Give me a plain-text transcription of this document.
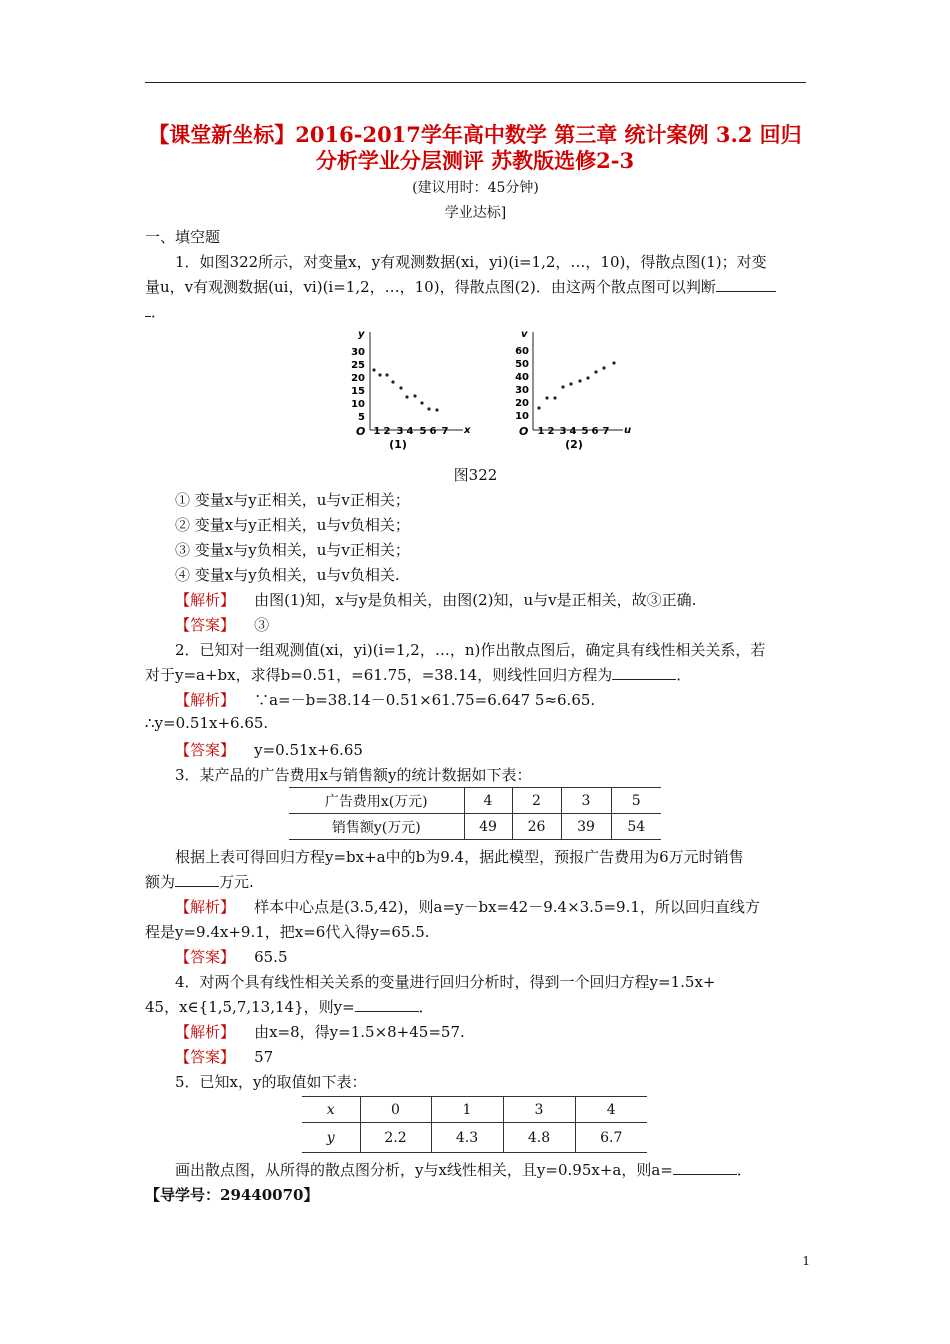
【课堂新坐标】2016-2017学年高中数学 第三章 统计案例 3.2 回归
分析学业分层测评 苏教版选修2-3
(建议用时：45分钟)
学业达标]
一、填空题
1．如图322所示，对变量x，y有观测数据(xi，yi)(i=1,2，…，10)，得散点图(1)；对变
量u，v有观测数据(ui，vi)(i=1,2，…，10)，得散点图(2)．由这两个散点图可以判断
．
y
x
O
30
25
20
15
10
5
1 2 3 4 5 6 7
(1)
v
u
O
60
50
40
30
20
10
1 2 3 4 5 6 7
(2)
图322
① 变量x与y正相关，u与v正相关；
② 变量x与y正相关，u与v负相关；
③ 变量x与y负相关，u与v正相关；
④ 变量x与y负相关，u与v负相关.
【解析】 由图(1)知，x与y是负相关，由图(2)知，u与v是正相关，故③正确.
【答案】 ③
2．已知对一组观测值(xi，yi)(i=1,2，…，n)作出散点图后，确定具有线性相关关系，若
对于y=a+bx，求得b=0.51，=61.75，=38.14，则线性回归方程为	．
【解析】 ∵a=－b=38.14－0.51×61.75=6.647 5≈6.65.
∴y=0.51x+6.65.
【答案】 y=0.51x+6.65
3．某产品的广告费用x与销售额y的统计数据如下表：
广告费用x(万元)	4	2	3	5
销售额y(万元)	49	26	39	54
根据上表可得回归方程y=bx+a中的b为9.4，据此模型，预报广告费用为6万元时销售
额为	万元.
【解析】 样本中心点是(3.5,42)，则a=y－bx=42－9.4×3.5=9.1，所以回归直线方
程是y=9.4x+9.1，把x=6代入得y=65.5.
【答案】 65.5
4．对两个具有线性相关关系的变量进行回归分析时，得到一个回归方程y=1.5x+
45，x∈{1,5,7,13,14}，则y=	．
【解析】 由x=8，得y=1.5×8+45=57.
【答案】 57
5．已知x，y的取值如下表：
x	0	1	3	4
y	2.2	4.3	4.8	6.7
画出散点图，从所得的散点图分析，y与x线性相关，且y=0.95x+a，则a=	．
【导学号：29440070】
1
